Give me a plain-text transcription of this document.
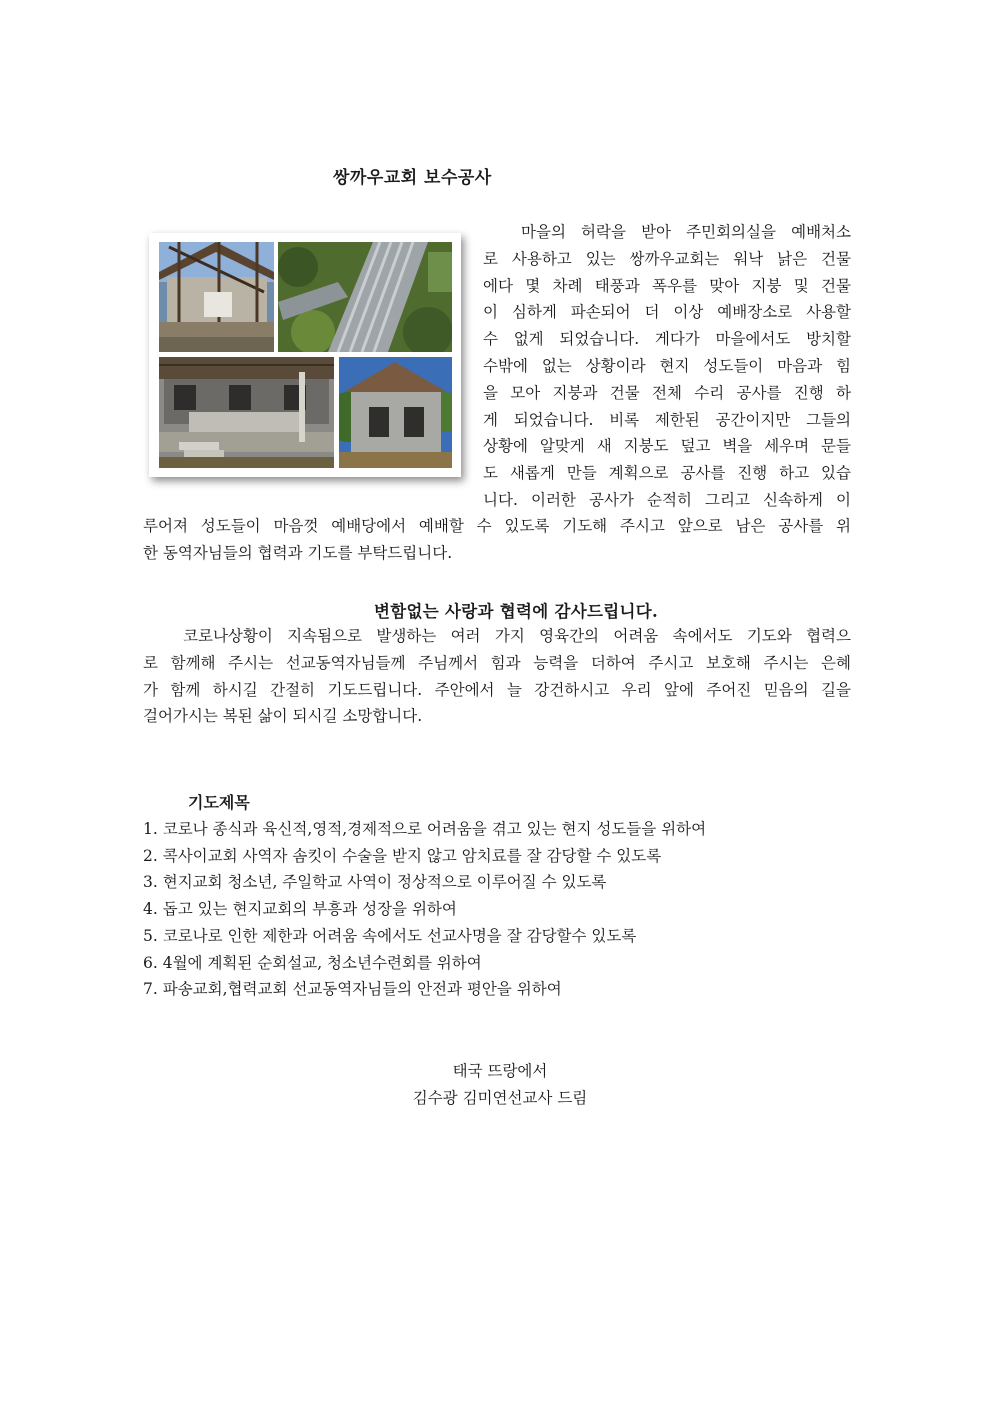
쌍까우교회 보수공사

마을의 허락을 받아 주민회의실을 예배처소
로 사용하고 있는 쌍까우교회는 워낙 낡은 건물
에다 몇 차례 태풍과 폭우를 맞아 지붕 및 건물
이 심하게 파손되어 더 이상 예배장소로 사용할
수 없게 되었습니다. 게다가 마을에서도 방치할
수밖에 없는 상황이라 현지 성도들이 마음과 힘
을 모아 지붕과 건물 전체 수리 공사를 진행 하
게 되었습니다. 비록 제한된 공간이지만 그들의
상황에 알맞게 새 지붕도 덮고 벽을 세우며 문들
도 새롭게 만들 계획으로 공사를 진행 하고 있습
니다. 이러한 공사가 순적히 그리고 신속하게 이

루어져 성도들이 마음껏 예배당에서 예배할 수 있도록 기도해 주시고 앞으로 남은 공사를 위
한 동역자님들의 협력과 기도를 부탁드립니다.

변함없는 사랑과 협력에 감사드립니다.

코로나상황이 지속됨으로 발생하는 여러 가지 영육간의 어려움 속에서도 기도와 협력으
로 함께해 주시는 선교동역자님들께 주님께서 힘과 능력을 더하여 주시고 보호해 주시는 은혜
가 함께 하시길 간절히 기도드립니다. 주안에서 늘 강건하시고 우리 앞에 주어진 믿음의 길을
걸어가시는 복된 삶이 되시길 소망합니다.

기도제목
1. 코로나 종식과 육신적,영적,경제적으로 어려움을 겪고 있는 현지 성도들을 위하여
2. 콕사이교회 사역자 솜킷이 수술을 받지 않고 암치료를 잘 감당할 수 있도록
3. 현지교회 청소년, 주일학교 사역이 정상적으로 이루어질 수 있도록
4. 돕고 있는 현지교회의 부흥과 성장을 위하여
5. 코로나로 인한 제한과 어려움 속에서도 선교사명을 잘 감당할수 있도록
6. 4월에 계획된 순회설교, 청소년수련회를 위하여
7. 파송교회,협력교회 선교동역자님들의 안전과 평안을 위하여
태국 뜨랑에서
김수광 김미연선교사 드림
